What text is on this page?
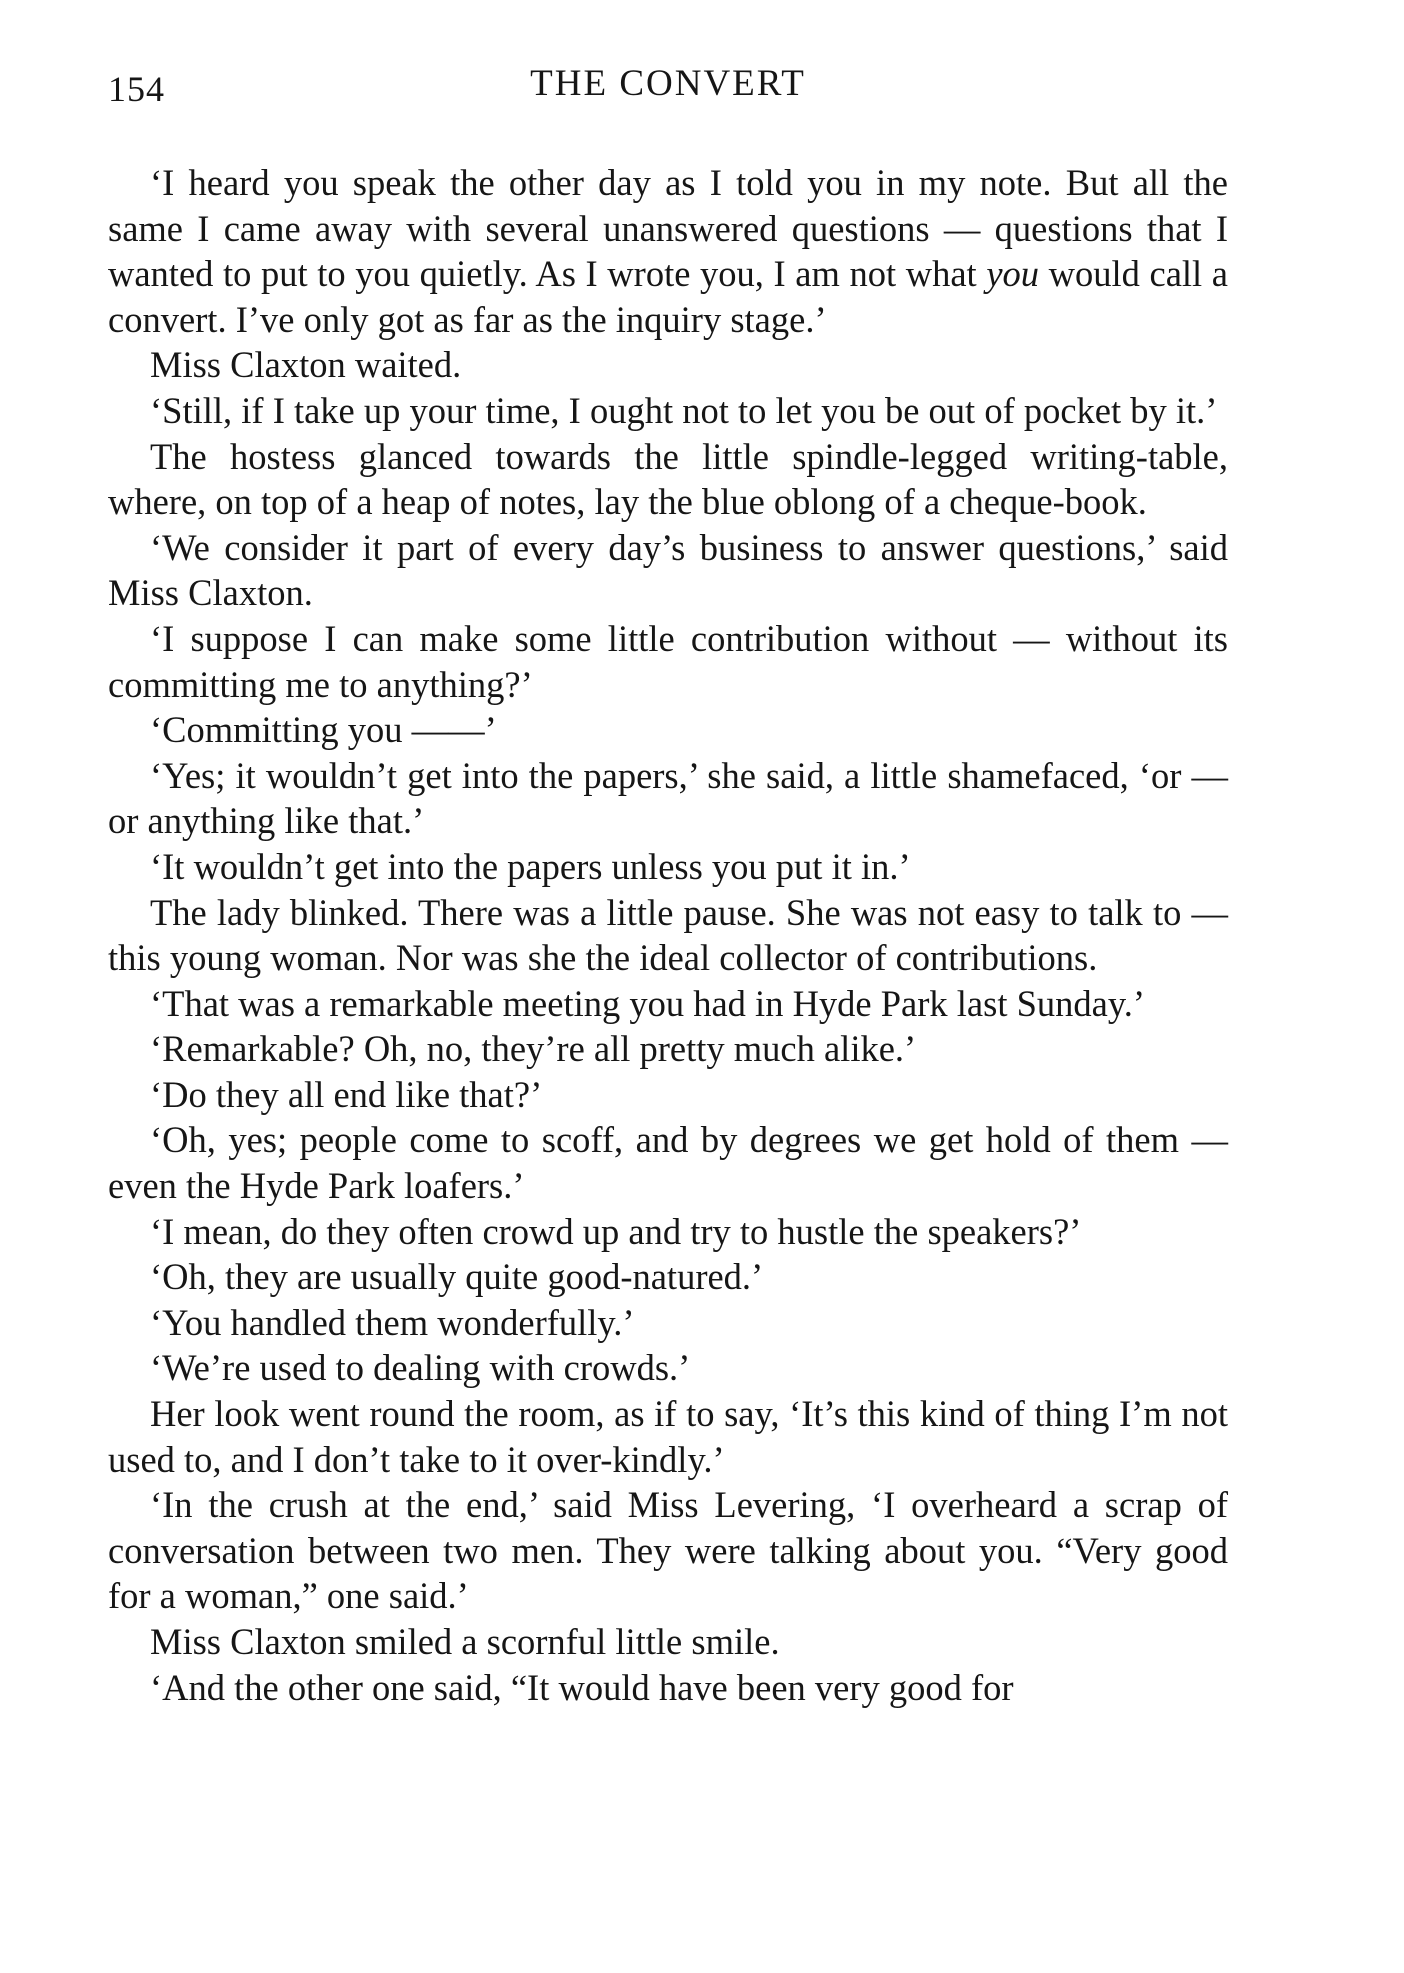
154	THE CONVERT

‘I heard you speak the other day as I told you in my note. But all the same I came away with several unanswered questions — questions that I wanted to put to you quietly. As I wrote you, I am not what you would call a convert. I’ve only got as far as the inquiry stage.’

Miss Claxton waited.

‘Still, if I take up your time, I ought not to let you be out of pocket by it.’

The hostess glanced towards the little spindle-legged writing-table, where, on top of a heap of notes, lay the blue oblong of a cheque-book.

‘We consider it part of every day’s business to answer questions,’ said Miss Claxton.

‘I suppose I can make some little contribution without — without its committing me to anything?’

‘Committing you ——’

‘Yes; it wouldn’t get into the papers,’ she said, a little shamefaced, ‘or — or anything like that.’

‘It wouldn’t get into the papers unless you put it in.’

The lady blinked. There was a little pause. She was not easy to talk to — this young woman. Nor was she the ideal collector of contributions.

‘That was a remarkable meeting you had in Hyde Park last Sunday.’

‘Remarkable? Oh, no, they’re all pretty much alike.’

‘Do they all end like that?’

‘Oh, yes; people come to scoff, and by degrees we get hold of them — even the Hyde Park loafers.’

‘I mean, do they often crowd up and try to hustle the speakers?’

‘Oh, they are usually quite good-natured.’

‘You handled them wonderfully.’

‘We’re used to dealing with crowds.’

Her look went round the room, as if to say, ‘It’s this kind of thing I’m not used to, and I don’t take to it over-kindly.’

‘In the crush at the end,’ said Miss Levering, ‘I overheard a scrap of conversation between two men. They were talking about you. “Very good for a woman,” one said.’

Miss Claxton smiled a scornful little smile.

‘And the other one said, “It would have been very good for
